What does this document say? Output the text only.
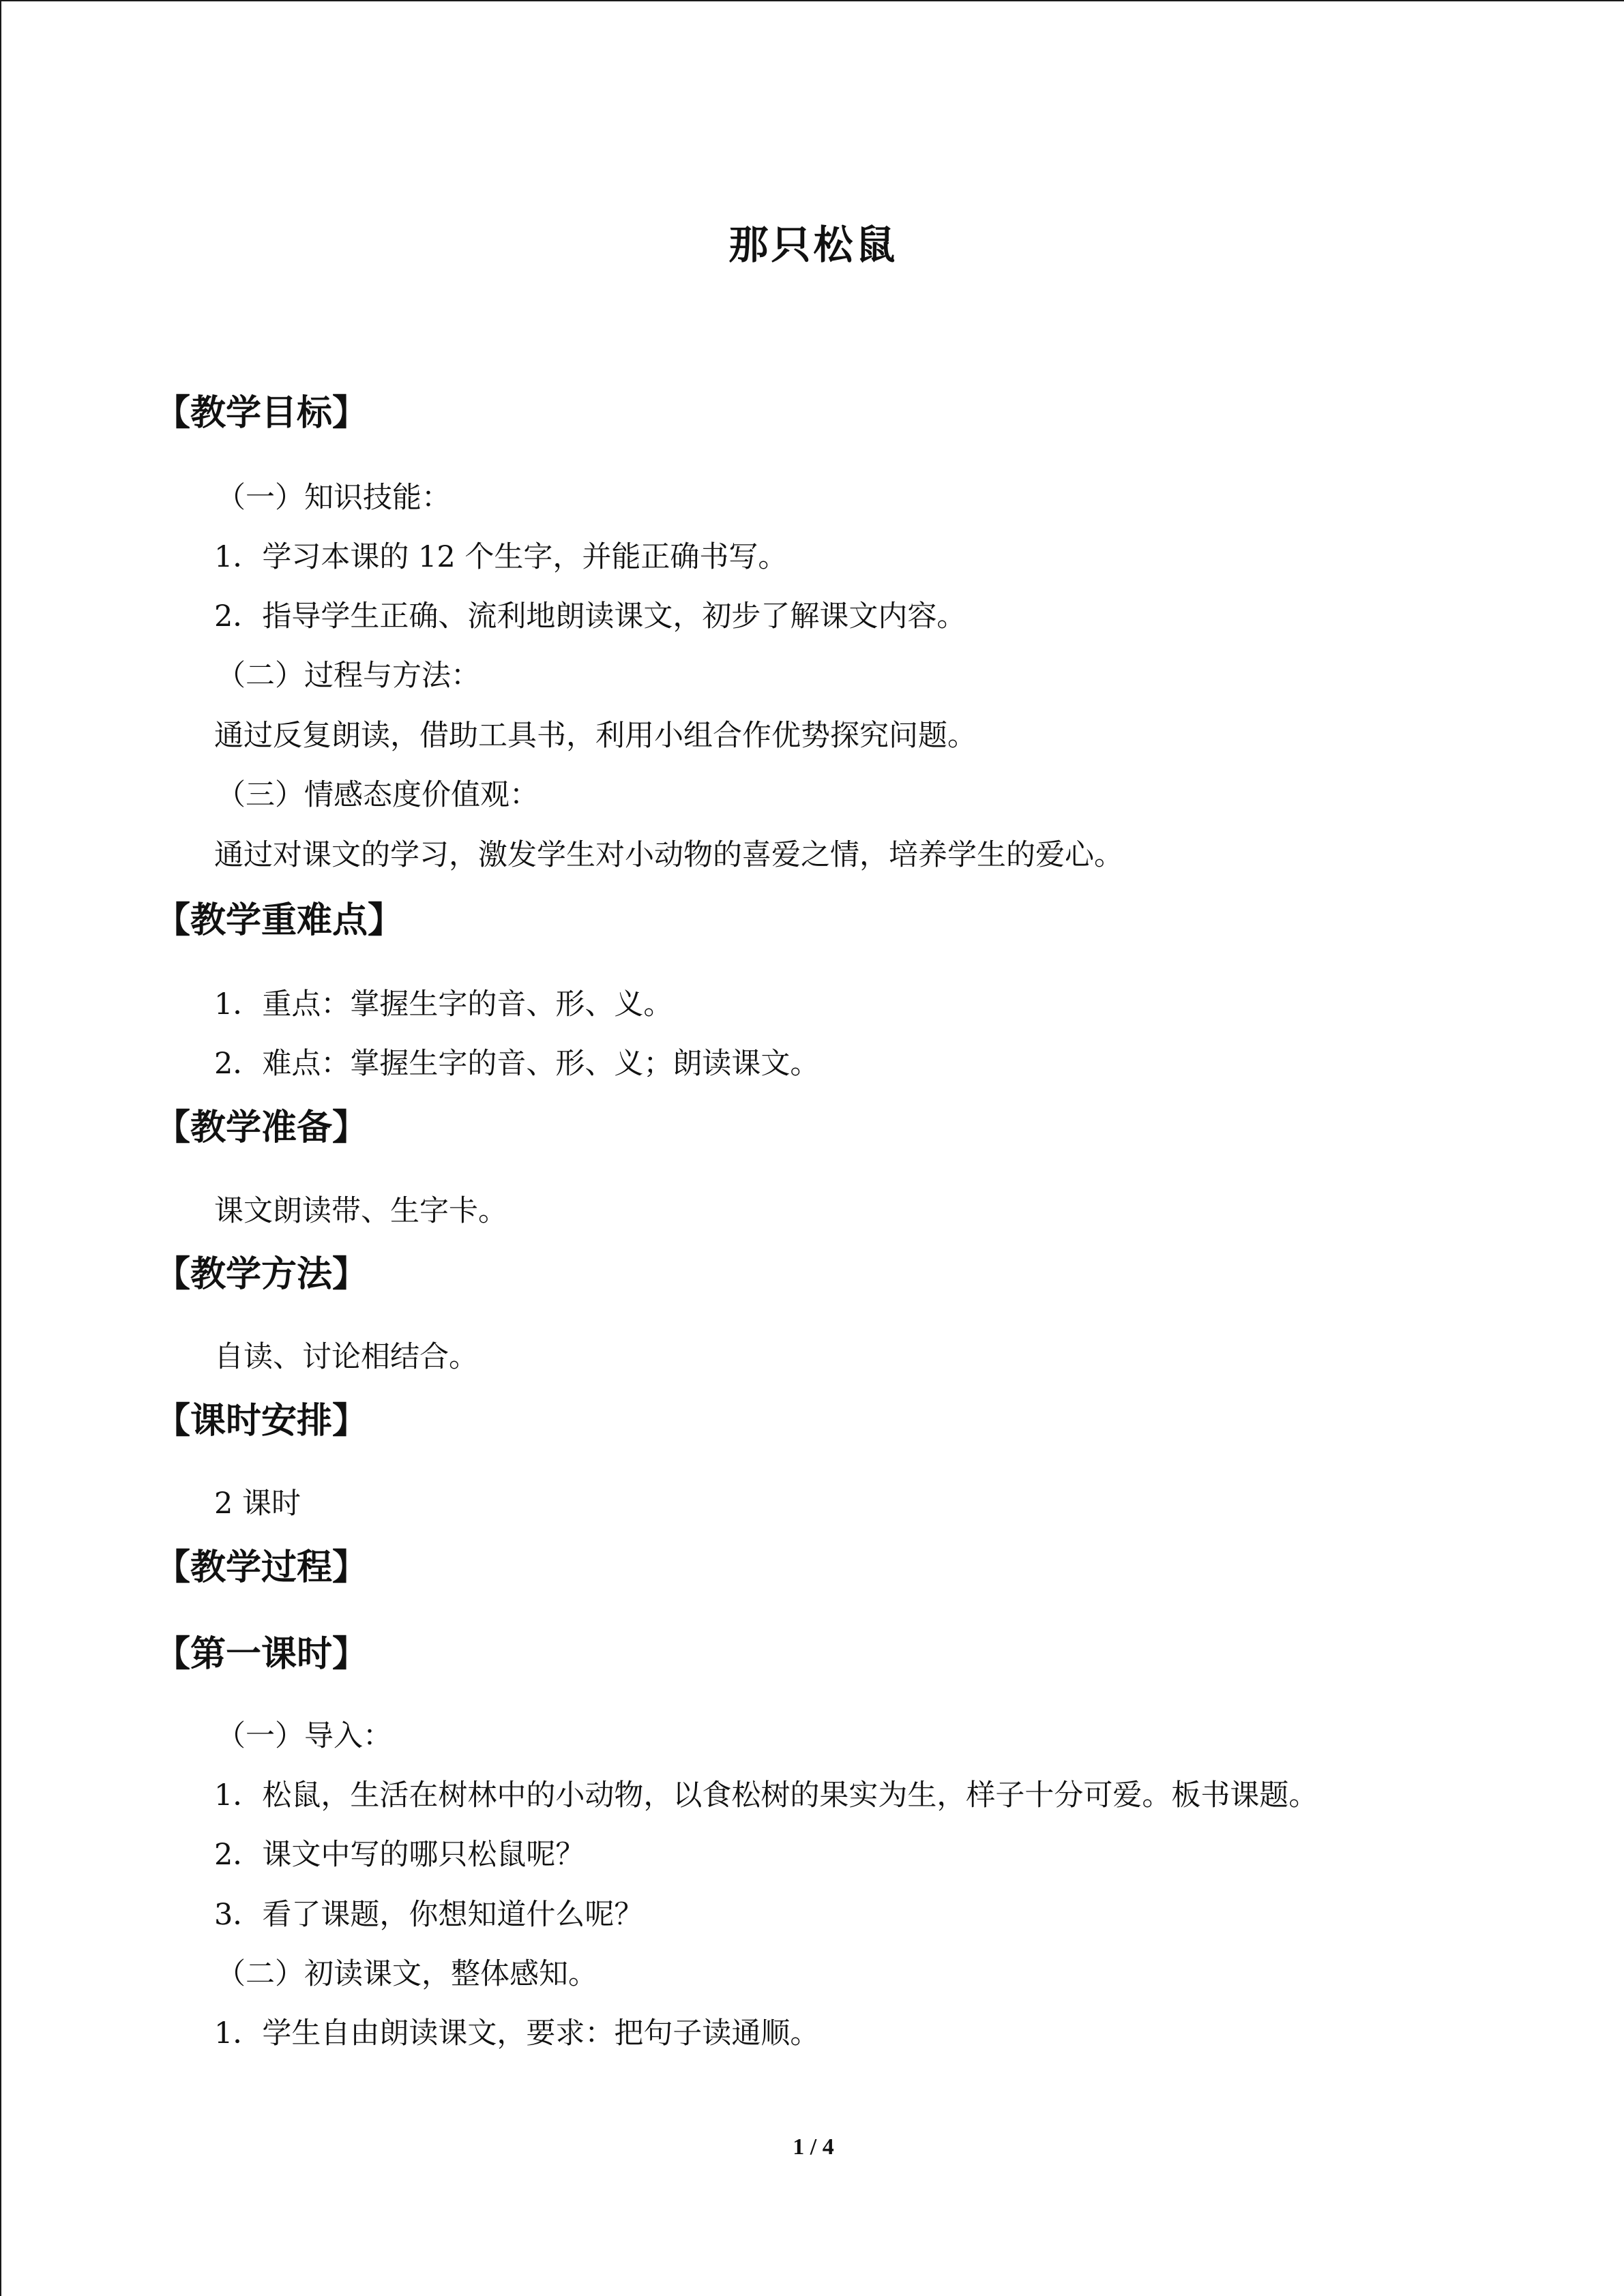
那只松鼠
【教学目标】
（一）知识技能：
1．学习本课的 12 个生字，并能正确书写。
2．指导学生正确、流利地朗读课文，初步了解课文内容。
（二）过程与方法：
通过反复朗读，借助工具书，利用小组合作优势探究问题。
（三）情感态度价值观：
通过对课文的学习，激发学生对小动物的喜爱之情，培养学生的爱心。
【教学重难点】
1．重点：掌握生字的音、形、义。
2．难点：掌握生字的音、形、义；朗读课文。
【教学准备】
课文朗读带、生字卡。
【教学方法】
自读、讨论相结合。
【课时安排】
2 课时
【教学过程】
【第一课时】
（一）导入：
1．松鼠，生活在树林中的小动物，以食松树的果实为生，样子十分可爱。板书课题。
2．课文中写的哪只松鼠呢？
3．看了课题，你想知道什么呢？
（二）初读课文，整体感知。
1．学生自由朗读课文，要求：把句子读通顺。
1 / 4
